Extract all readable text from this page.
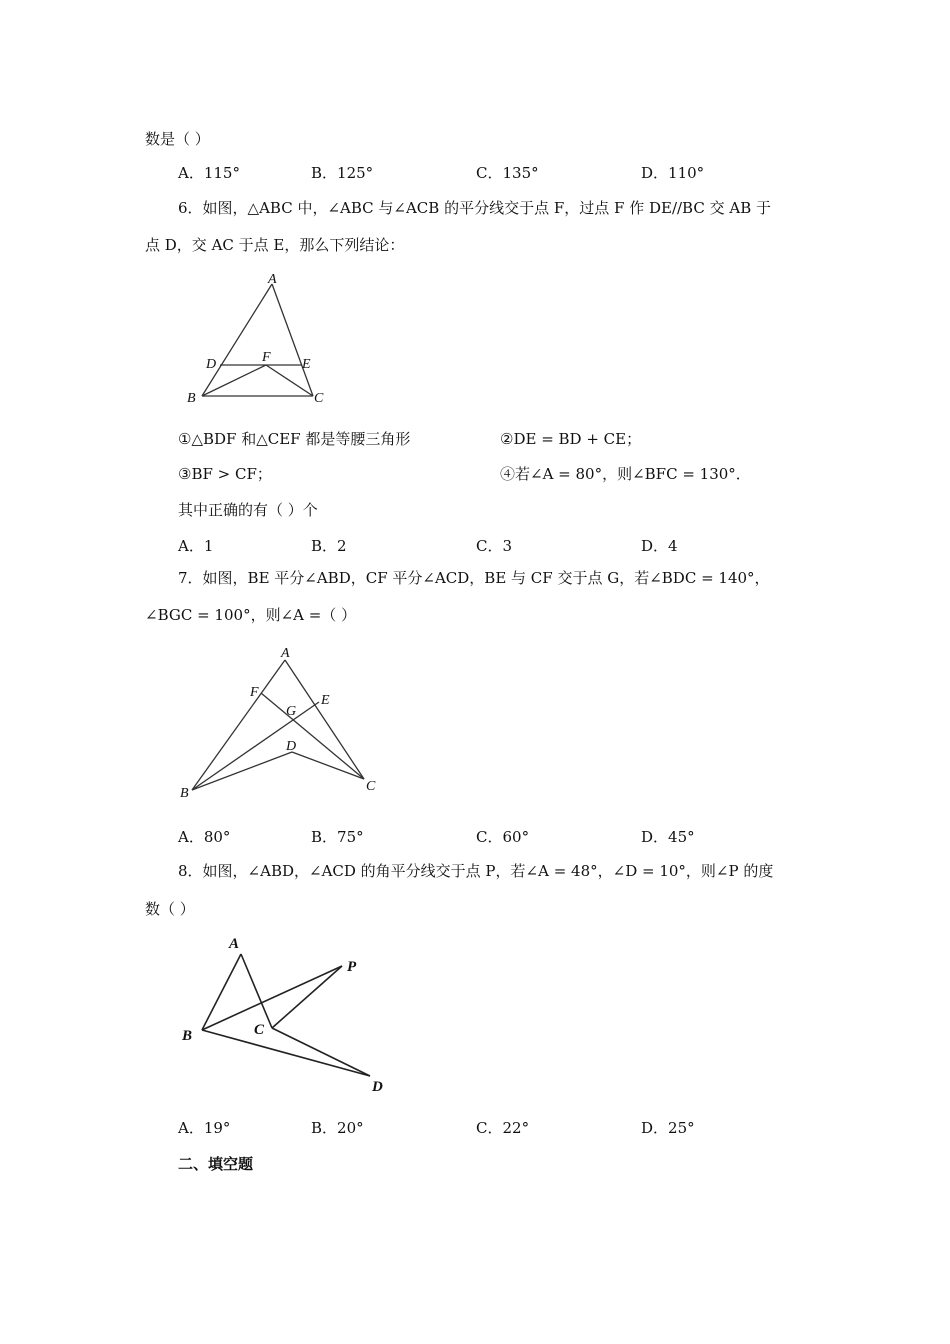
数是（ ）
A．115°	B．125°	C．135°	D．110°
6．如图，△ABC 中，∠ABC 与∠ACB 的平分线交于点 F，过点 F 作 DE//BC 交 AB 于
点 D，交 AC 于点 E，那么下列结论：
A
D	F E
B	C
①△BDF 和△CEF 都是等腰三角形	②DE = BD + CE；
③BF > CF；	④若∠A = 80°，则∠BFC = 130°．
其中正确的有（ ）个
A．1	B．2	C．3	D．4
7．如图，BE 平分∠ABD，CF 平分∠ACD，BE 与 CF 交于点 G，若∠BDC = 140°，
∠BGC = 100°，则∠A =（ ）
A
F
E
G
D
B	C
A．80°	B．75°	C．60°	D．45°
8．如图，∠ABD，∠ACD 的角平分线交于点 P，若∠A = 48°，∠D = 10°，则∠P 的度
数（ ）
A
P
B	C
D
A．19°	B．20°	C．22°	D．25°
二、填空题
